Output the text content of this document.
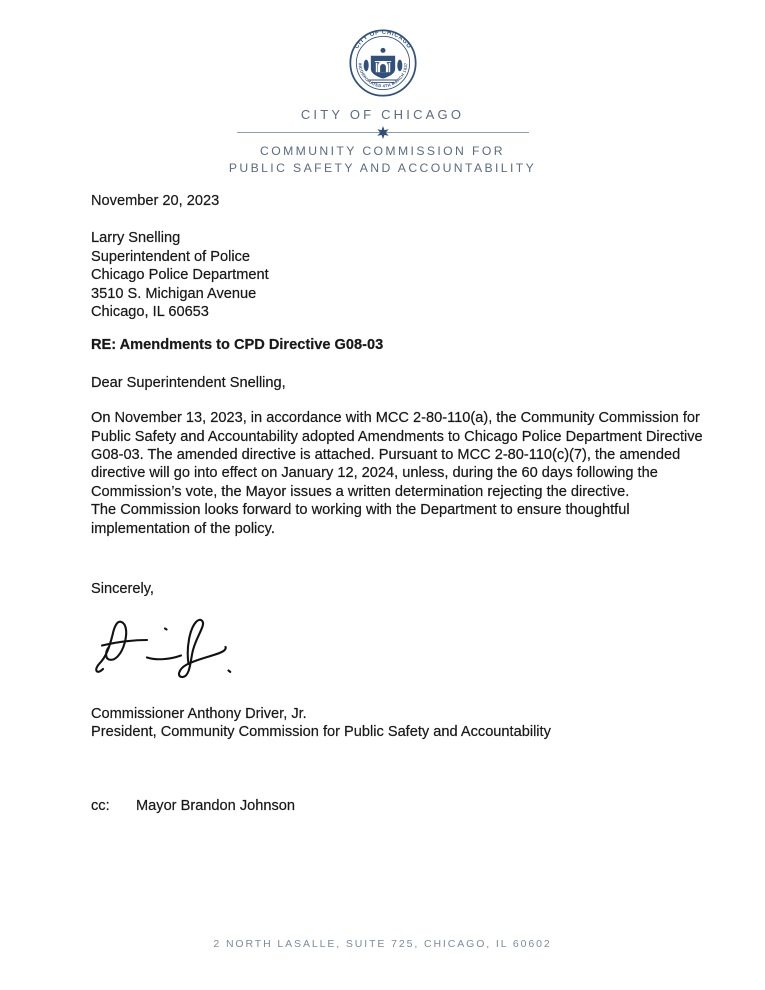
CITY OF CHICAGO
INCORPORATED 4TH MARCH 1837
CITY OF CHICAGO
COMMUNITY COMMISSION FOR
PUBLIC SAFETY AND ACCOUNTABILITY
November 20, 2023
Larry Snelling
Superintendent of Police
Chicago Police Department
3510 S. Michigan Avenue
Chicago, IL 60653
RE: Amendments to CPD Directive G08-03
Dear Superintendent Snelling,
On November 13, 2023, in accordance with MCC 2-80-110(a), the Community Commission for
Public Safety and Accountability adopted Amendments to Chicago Police Department Directive
G08-03. The amended directive is attached. Pursuant to MCC 2-80-110(c)(7), the amended
directive will go into effect on January 12, 2024, unless, during the 60 days following the
Commission’s vote, the Mayor issues a written determination rejecting the directive.
The Commission looks forward to working with the Department to ensure thoughtful
implementation of the policy.
Sincerely,
Commissioner Anthony Driver, Jr.
President, Community Commission for Public Safety and Accountability
cc: Mayor Brandon Johnson
2 NORTH LASALLE, SUITE 725, CHICAGO, IL 60602
